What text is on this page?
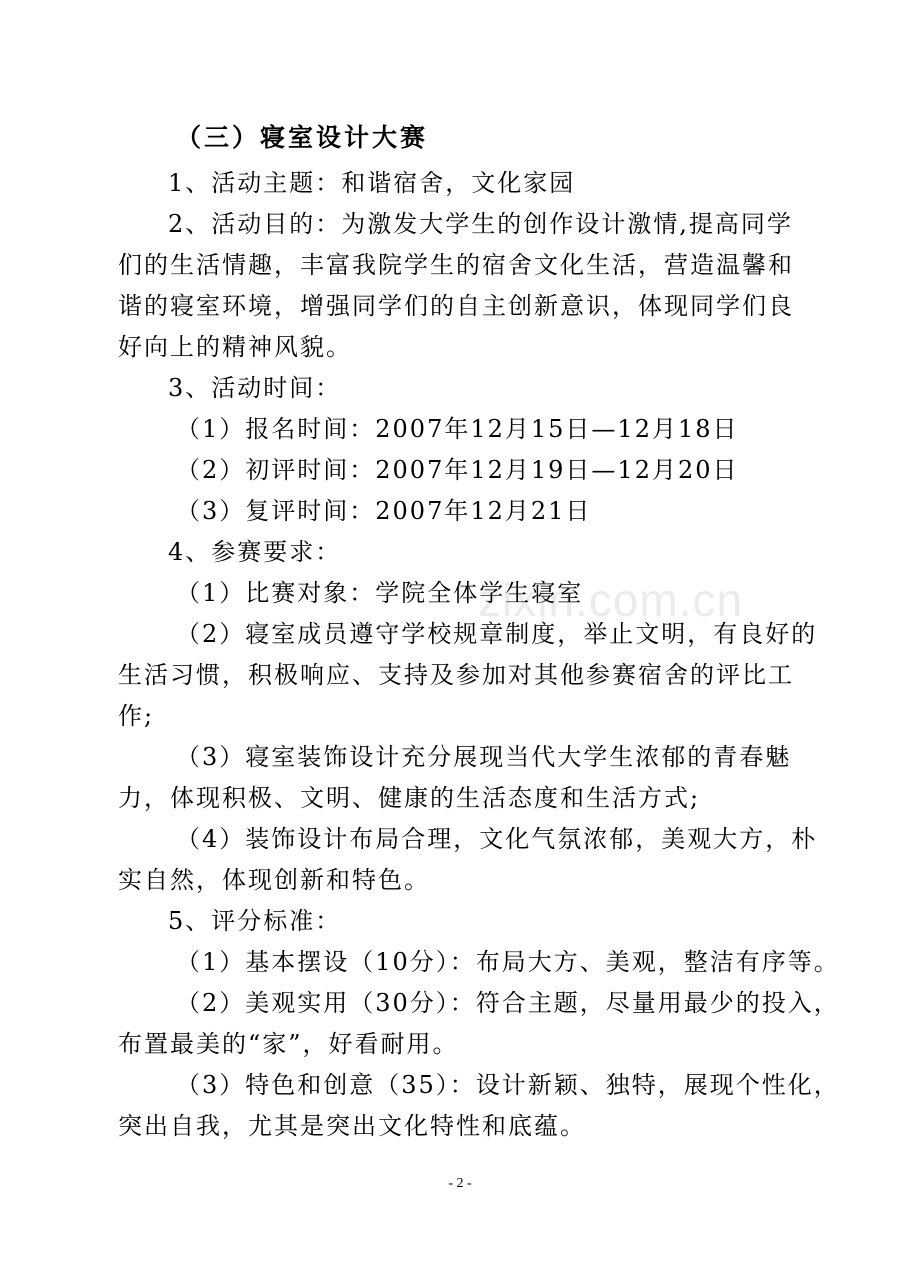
（三）寝室设计大赛
1、活动主题：和谐宿舍，文化家园
2、活动目的：为激发大学生的创作设计激情,提高同学
们的生活情趣，丰富我院学生的宿舍文化生活，营造温馨和
谐的寝室环境，增强同学们的自主创新意识，体现同学们良
好向上的精神风貌。
3、活动时间：
（1）报名时间：2007年12月15日—12月18日
（2）初评时间：2007年12月19日—12月20日
（3）复评时间：2007年12月21日
4、参赛要求：
（1）比赛对象：学院全体学生寝室
（2）寝室成员遵守学校规章制度，举止文明，有良好的
生活习惯，积极响应、支持及参加对其他参赛宿舍的评比工
作;
（3）寝室装饰设计充分展现当代大学生浓郁的青春魅
力，体现积极、文明、健康的生活态度和生活方式;
（4）装饰设计布局合理，文化气氛浓郁，美观大方，朴
实自然，体现创新和特色。
5、评分标准：
（1）基本摆设（10分）：布局大方、美观，整洁有序等。
（2）美观实用（30分）：符合主题，尽量用最少的投入，
布置最美的“家”，好看耐用。
（3）特色和创意（35）：设计新颖、独特，展现个性化，
突出自我，尤其是突出文化特性和底蕴。
zixin.com.cn
- 2 -
